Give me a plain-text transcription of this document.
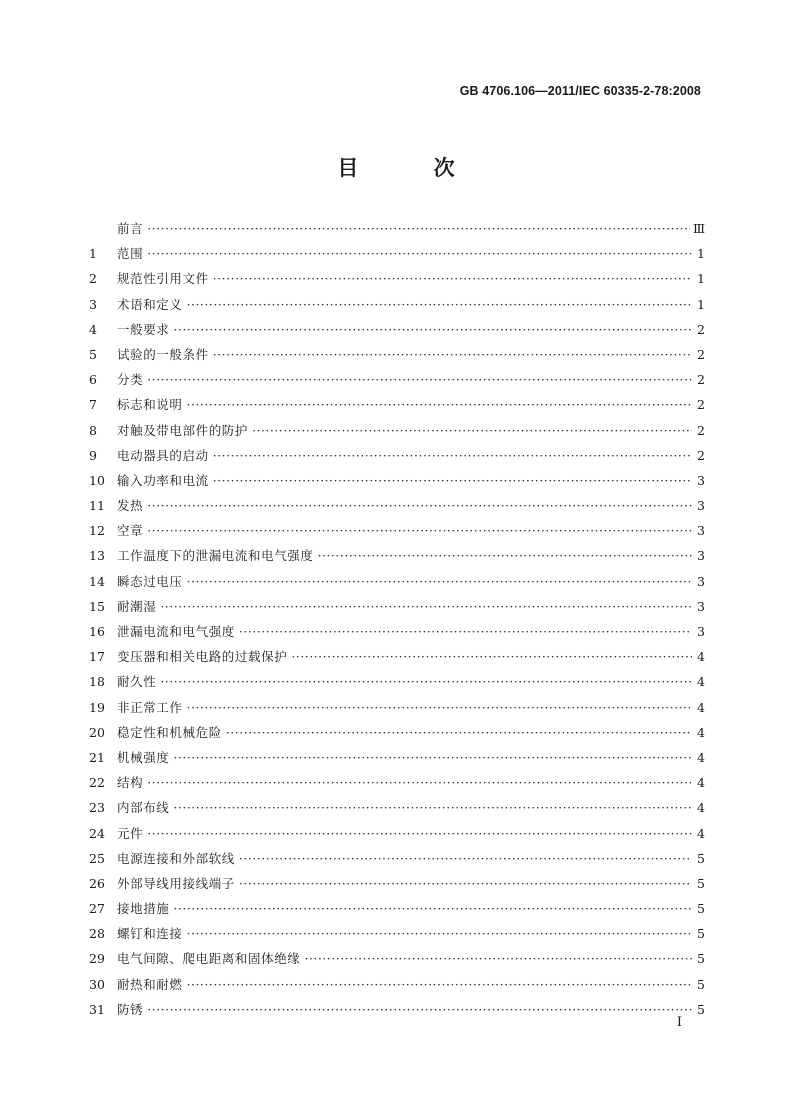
GB 4706.106—2011/IEC 60335-2-78:2008
目 次
前言 ·····	Ⅲ
1	范围 ·····	1
2	规范性引用文件 ·····	1
3	术语和定义 ·····	1
4	一般要求 ·····	2
5	试验的一般条件 ·····	2
6	分类 ·····	2
7	标志和说明 ·····	2
8	对触及带电部件的防护 ·····	2
9	电动器具的启动 ·····	2
10 输入功率和电流 ·····	3
11 发热 ·····	3
12 空章 ·····	3
13 工作温度下的泄漏电流和电气强度 ·····	3
14 瞬态过电压 ·····	3
15 耐潮湿 ·····	3
16 泄漏电流和电气强度 ·····	3
17 变压器和相关电路的过载保护 ·····	4
18 耐久性 ·····	4
19 非正常工作 ·····	4
20 稳定性和机械危险 ·····	4
21 机械强度 ·····	4
22 结构 ·····	4
23 内部布线 ·····	4
24 元件 ·····	4
25 电源连接和外部软线 ·····	5
26 外部导线用接线端子 ·····	5
27 接地措施 ·····	5
28 螺钉和连接 ·····	5
29 电气间隙、爬电距离和固体绝缘 ·····	5
30 耐热和耐燃 ·····	5
31 防锈 ·····	5
I
